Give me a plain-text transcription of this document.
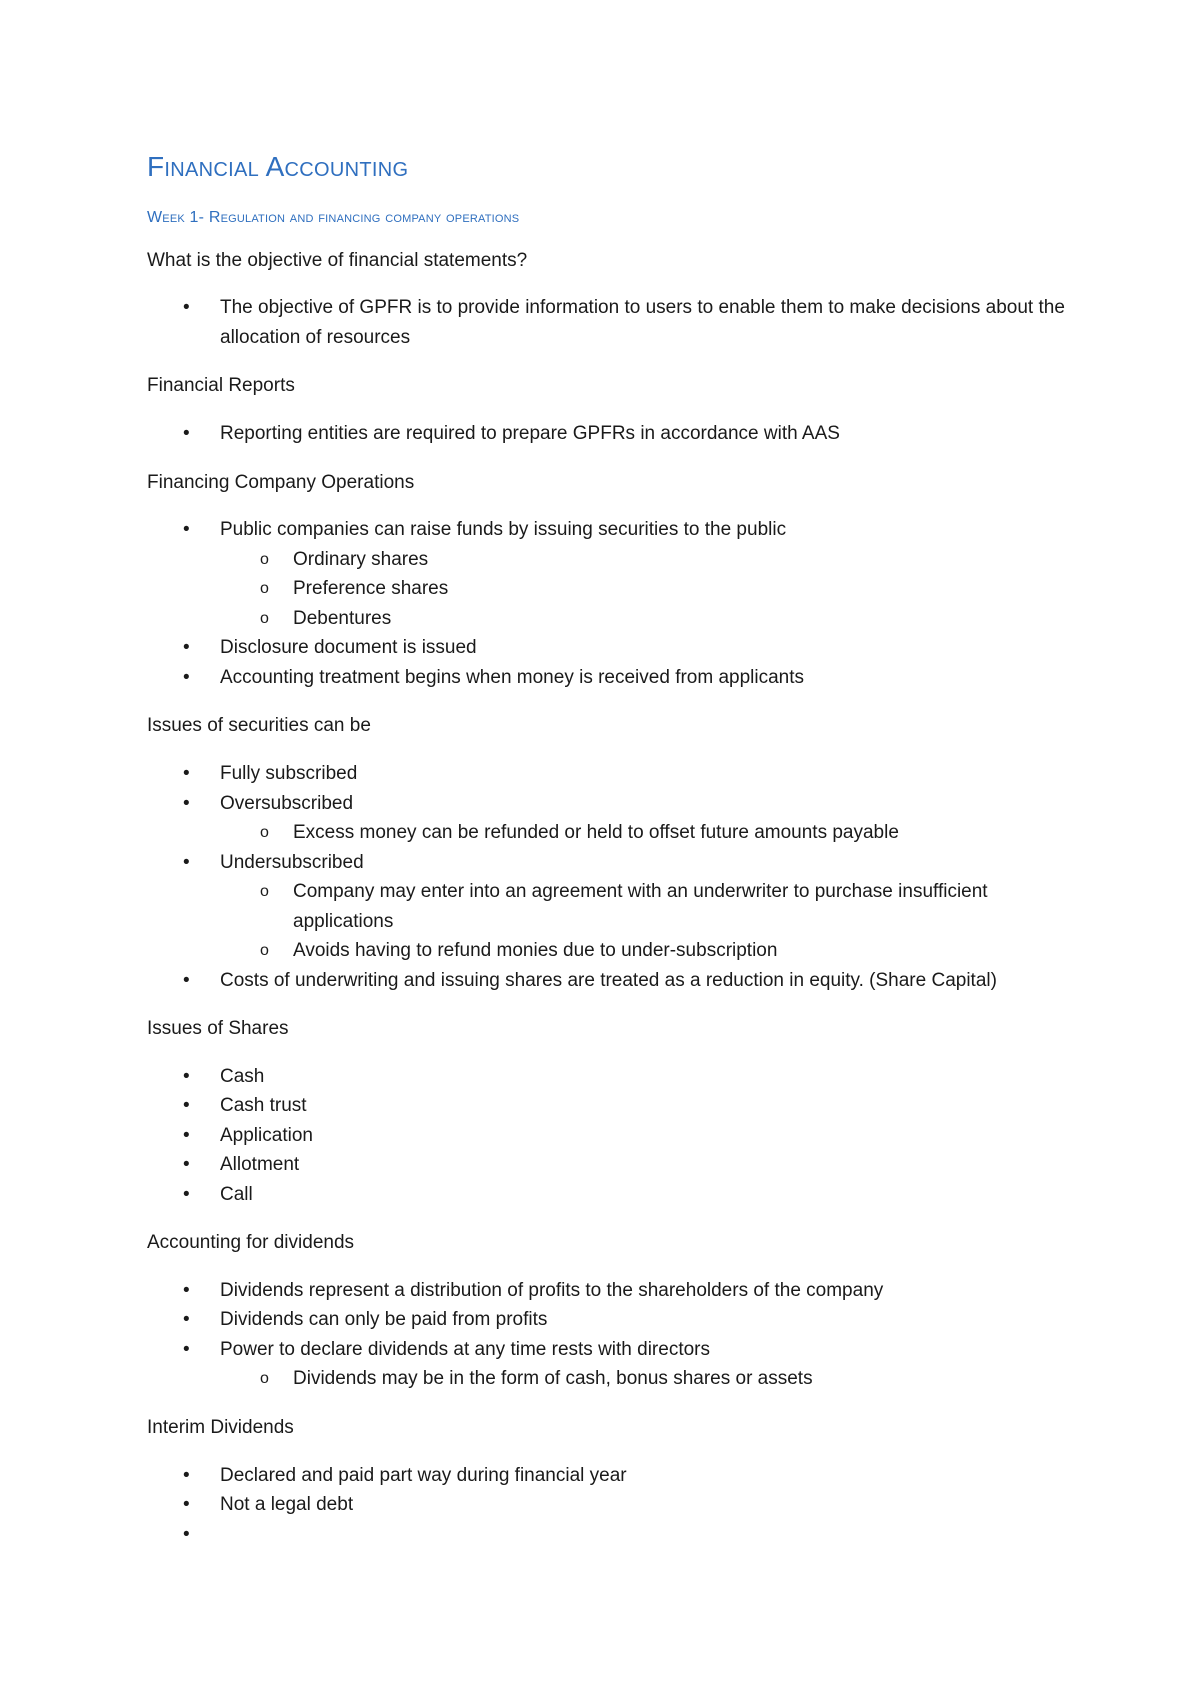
Financial Accounting
Week 1- Regulation and financing company operations

What is the objective of financial statements?

• The objective of GPFR is to provide information to users to enable them to make decisions about the allocation of resources

Financial Reports

• Reporting entities are required to prepare GPFRs in accordance with AAS

Financing Company Operations

• Public companies can raise funds by issuing securities to the public
o Ordinary shares
o Preference shares
o Debentures
• Disclosure document is issued
• Accounting treatment begins when money is received from applicants

Issues of securities can be

• Fully subscribed
• Oversubscribed
o Excess money can be refunded or held to offset future amounts payable
• Undersubscribed
o Company may enter into an agreement with an underwriter to purchase insufficient applications
o Avoids having to refund monies due to under-subscription
• Costs of underwriting and issuing shares are treated as a reduction in equity. (Share Capital)

Issues of Shares

• Cash
• Cash trust
• Application
• Allotment
• Call

Accounting for dividends

• Dividends represent a distribution of profits to the shareholders of the company
• Dividends can only be paid from profits
• Power to declare dividends at any time rests with directors
o Dividends may be in the form of cash, bonus shares or assets

Interim Dividends

• Declared and paid part way during financial year
• Not a legal debt
•
